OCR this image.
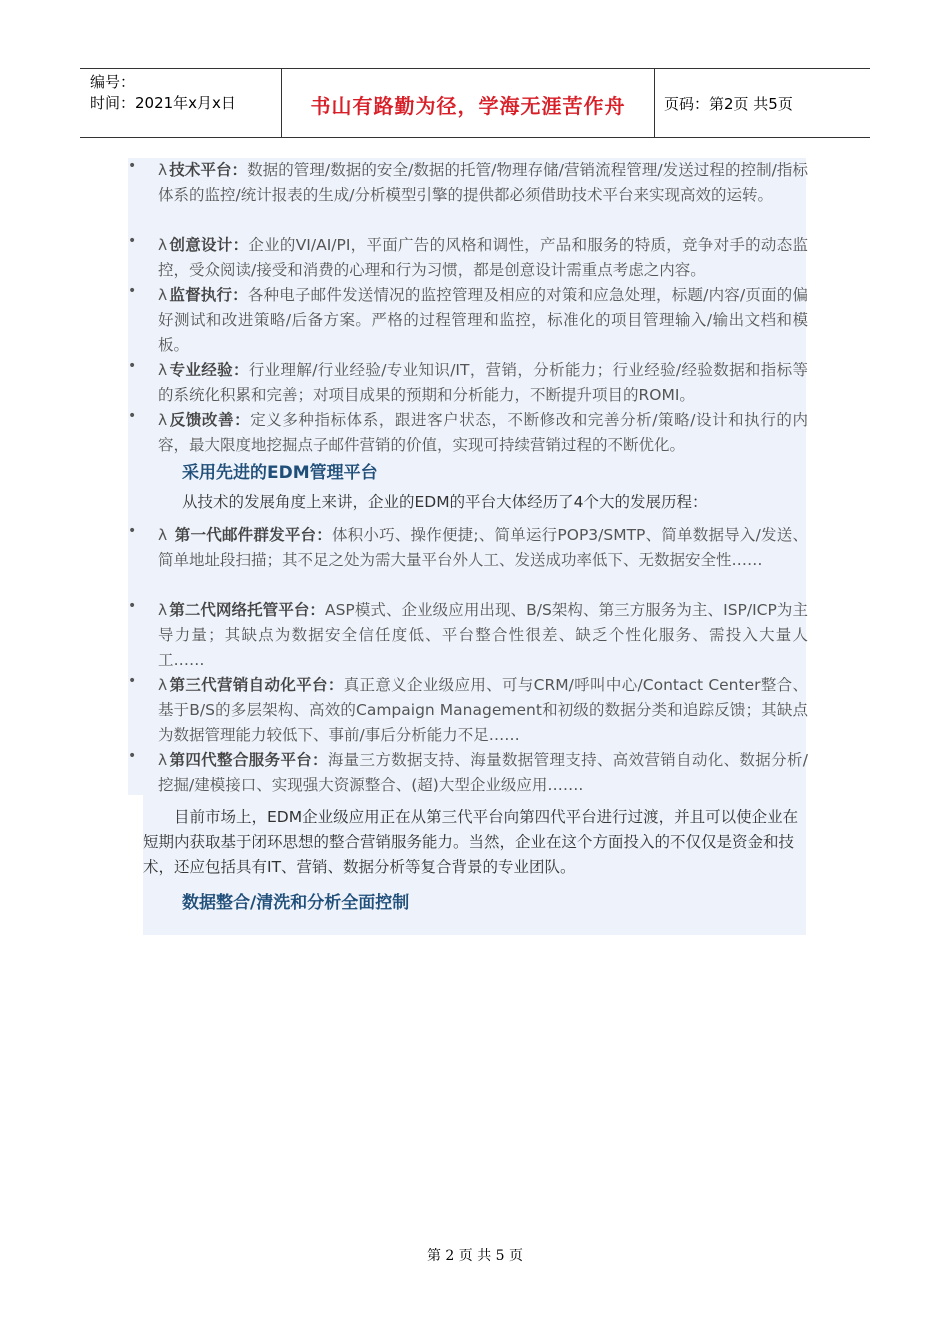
编号：
时间：2021年x月x日	书山有路勤为径，学海无涯苦作舟	页码：第2页 共5页
• λ 技术平台：数据的管理/数据的安全/数据的托管/物理存储/营销流程管理/发送过程的控制/指标体系的监控/统计报表的生成/分析模型引擎的提供都必须借助技术平台来实现高效的运转。
• λ 创意设计：企业的VI/AI/PI，平面广告的风格和调性，产品和服务的特质，竞争对手的动态监控，受众阅读/接受和消费的心理和行为习惯，都是创意设计需重点考虑之内容。
• λ 监督执行：各种电子邮件发送情况的监控管理及相应的对策和应急处理，标题/内容/页面的偏好测试和改进策略/后备方案。严格的过程管理和监控，标准化的项目管理输入/输出文档和模板。
• λ 专业经验：行业理解/行业经验/专业知识/IT，营销，分析能力；行业经验/经验数据和指标等的系统化积累和完善；对项目成果的预期和分析能力，不断提升项目的ROMI。
• λ 反馈改善：定义多种指标体系，跟进客户状态，不断修改和完善分析/策略/设计和执行的内容，最大限度地挖掘点子邮件营销的价值，实现可持续营销过程的不断优化。
采用先进的EDM管理平台
从技术的发展角度上来讲，企业的EDM的平台大体经历了4个大的发展历程：
• λ 第一代邮件群发平台：体积小巧、操作便捷;、简单运行POP3/SMTP、简单数据导入/发送、简单地址段扫描；其不足之处为需大量平台外人工、发送成功率低下、无数据安全性……
• λ 第二代网络托管平台：ASP模式、企业级应用出现、B/S架构、第三方服务为主、ISP/ICP为主导力量；其缺点为数据安全信任度低、平台整合性很差、缺乏个性化服务、需投入大量人工……
• λ 第三代营销自动化平台：真正意义企业级应用、可与CRM/呼叫中心/Contact Center整合、基于B/S的多层架构、高效的Campaign Management和初级的数据分类和追踪反馈；其缺点为数据管理能力较低下、事前/事后分析能力不足……
• λ 第四代整合服务平台：海量三方数据支持、海量数据管理支持、高效营销自动化、数据分析/挖掘/建模接口、实现强大资源整合、(超)大型企业级应用…….
目前市场上，EDM企业级应用正在从第三代平台向第四代平台进行过渡，并且可以使企业在短期内获取基于闭环思想的整合营销服务能力。当然，企业在这个方面投入的不仅仅是资金和技术，还应包括具有IT、营销、数据分析等复合背景的专业团队。
数据整合/清洗和分析全面控制
第 2 页 共 5 页
